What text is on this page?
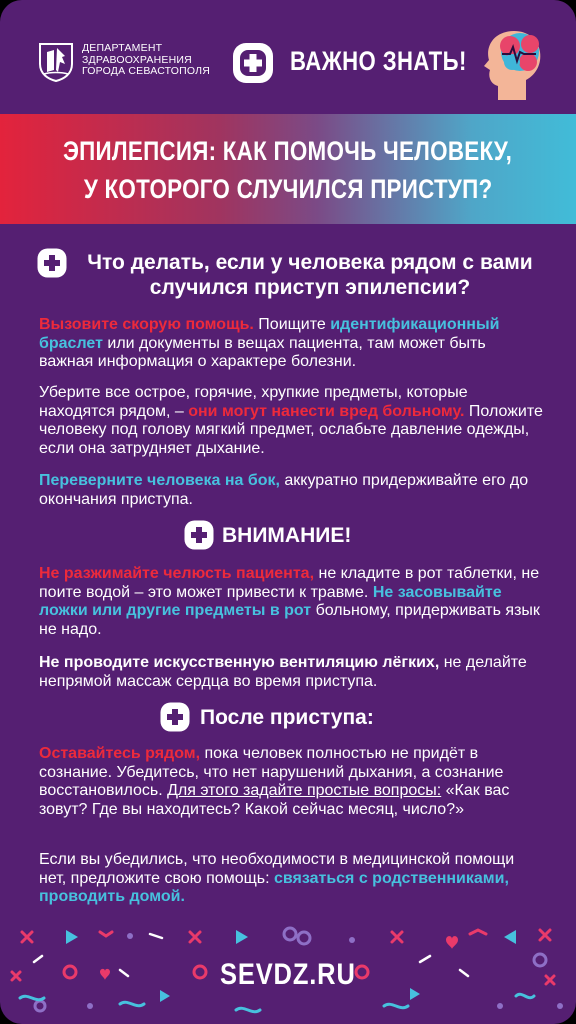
ДЕПАРТАМЕНТ
ЗДРАВООХРАНЕНИЯ
ГОРОДА СЕВАСТОПОЛЯ	ВАЖНО ЗНАТЬ!
ЭПИЛЕПСИЯ: КАК ПОМОЧЬ ЧЕЛОВЕКУ,
У КОТОРОГО СЛУЧИЛСЯ ПРИСТУП?
Что делать, если у человека рядом с вами
случился приступ эпилепсии?
Вызовите скорую помощь. Поищите идентификационный браслет или документы в вещах пациента, там может быть важная информация о характере болезни.
Уберите все острое, горячие, хрупкие предметы, которые находятся рядом, – они могут нанести вред больному. Положите человеку под голову мягкий предмет, ослабьте давление одежды, если она затрудняет дыхание.
Переверните человека на бок, аккуратно придерживайте его до окончания приступа.
ВНИМАНИЕ!
Не разжимайте челюсть пациента, не кладите в рот таблетки, не поите водой – это может привести к травме. Не засовывайте ложки или другие предметы в рот больному, придерживать язык не надо.
Не проводите искусственную вентиляцию лёгких, не делайте непрямой массаж сердца во время приступа.
После приступа:
Оставайтесь рядом, пока человек полностью не придёт в сознание. Убедитесь, что нет нарушений дыхания, а сознание восстановилось. Для этого задайте простые вопросы: «Как вас зовут? Где вы находитесь? Какой сейчас месяц, число?»
Если вы убедились, что необходимости в медицинской помощи нет, предложите свою помощь: связаться с родственниками, проводить домой.
SEVDZ.RU
